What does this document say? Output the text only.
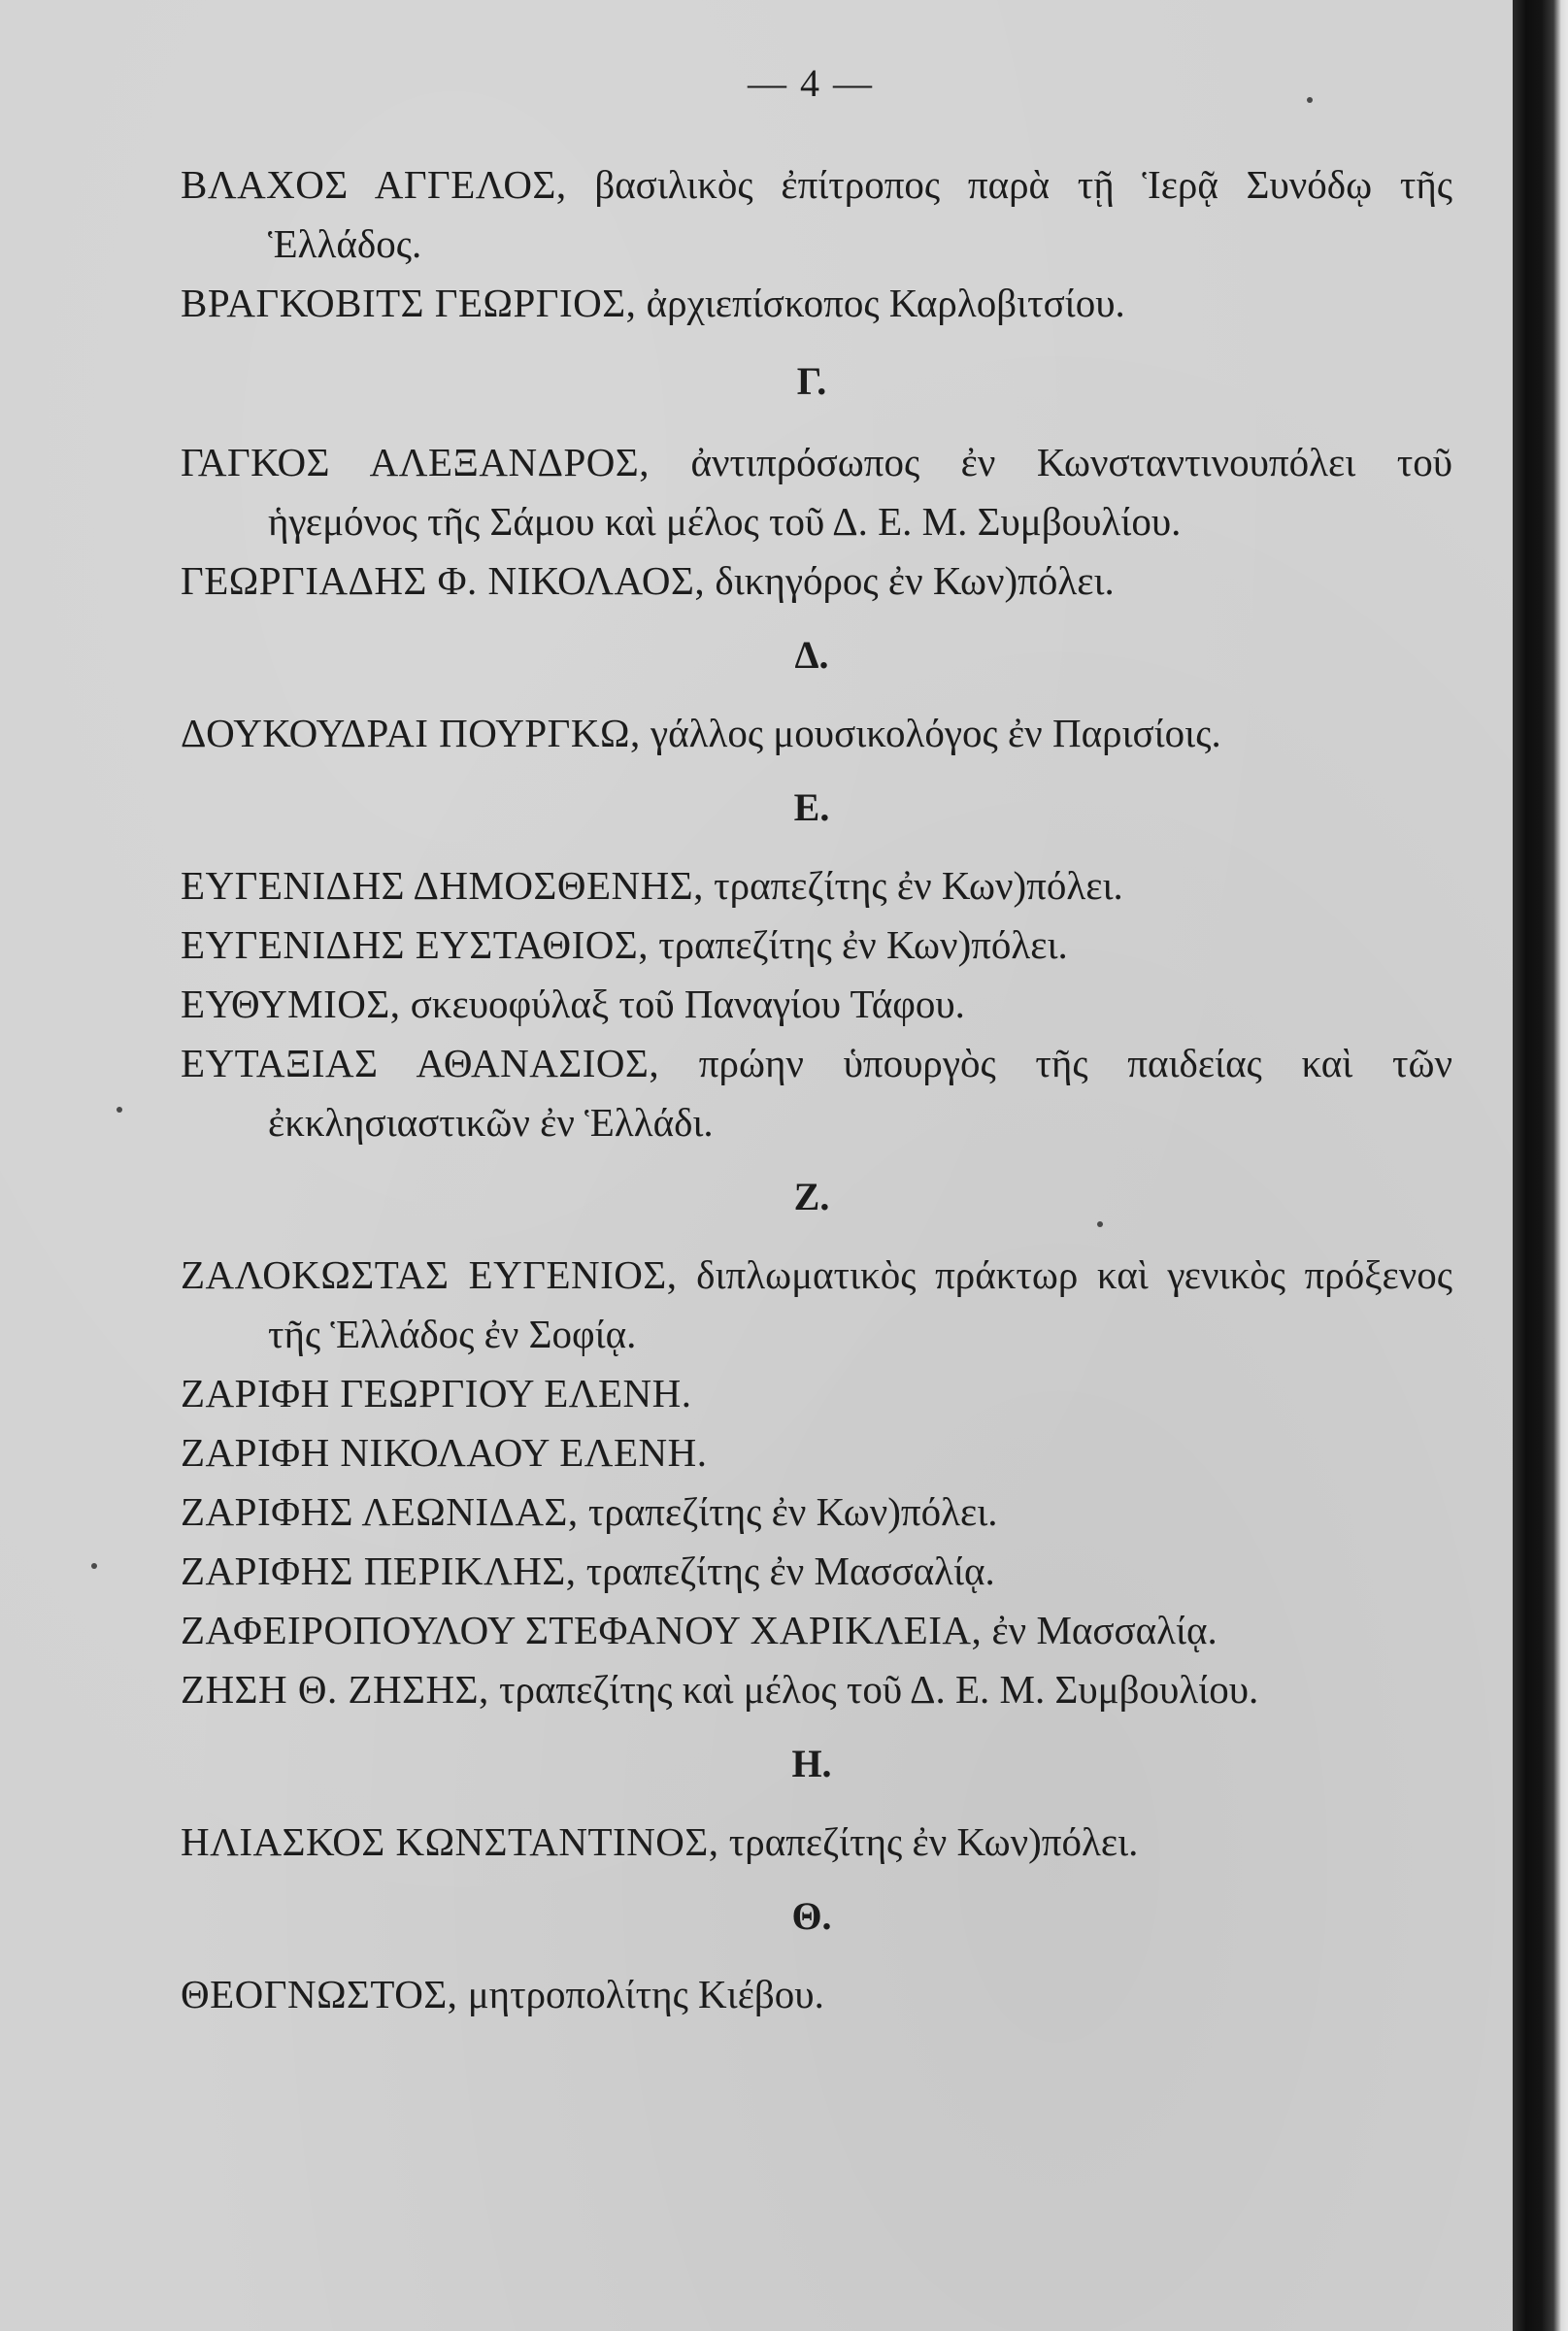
— 4 —
ΒΛΑΧΟΣ ΑΓΓΕΛΟΣ, βασιλικὸς ἐπίτροπος παρὰ τῇ Ἱερᾷ Συνόδῳ τῆς Ἑλλάδος.
ΒΡΑΓΚΟΒΙΤΣ ΓΕΩΡΓΙΟΣ, ἀρχιεπίσκοπος Καρλοβιτσίου.
Γ.
ΓΑΓΚΟΣ ΑΛΕΞΑΝΔΡΟΣ, ἀντιπρόσωπος ἐν Κωνσταντινουπόλει τοῦ ἡγεμόνος τῆς Σάμου καὶ μέλος τοῦ Δ. Ε. Μ. Συμβουλίου.
ΓΕΩΡΓΙΑΔΗΣ Φ. ΝΙΚΟΛΑΟΣ, δικηγόρος ἐν Κων)πόλει.
Δ.
ΔΟΥΚΟΥΔΡΑΙ ΠΟΥΡΓΚΩ, γάλλος μουσικολόγος ἐν Παρισίοις.
Ε.
ΕΥΓΕΝΙΔΗΣ ΔΗΜΟΣΘΕΝΗΣ, τραπεζίτης ἐν Κων)πόλει.
ΕΥΓΕΝΙΔΗΣ ΕΥΣΤΑΘΙΟΣ, τραπεζίτης ἐν Κων)πόλει.
ΕΥΘΥΜΙΟΣ, σκευοφύλαξ τοῦ Παναγίου Τάφου.
ΕΥΤΑΞΙΑΣ ΑΘΑΝΑΣΙΟΣ, πρώην ὑπουργὸς τῆς παιδείας καὶ τῶν ἐκκλησιαστικῶν ἐν Ἑλλάδι.
Ζ.
ΖΑΛΟΚΩΣΤΑΣ ΕΥΓΕΝΙΟΣ, διπλωματικὸς πράκτωρ καὶ γενικὸς πρόξενος τῆς Ἑλλάδος ἐν Σοφίᾳ.
ΖΑΡΙΦΗ ΓΕΩΡΓΙΟΥ ΕΛΕΝΗ.
ΖΑΡΙΦΗ ΝΙΚΟΛΑΟΥ ΕΛΕΝΗ.
ΖΑΡΙΦΗΣ ΛΕΩΝΙΔΑΣ, τραπεζίτης ἐν Κων)πόλει.
ΖΑΡΙΦΗΣ ΠΕΡΙΚΛΗΣ, τραπεζίτης ἐν Μασσαλίᾳ.
ΖΑΦΕΙΡΟΠΟΥΛΟΥ ΣΤΕΦΑΝΟΥ ΧΑΡΙΚΛΕΙΑ, ἐν Μασσαλίᾳ.
ΖΗΣΗ Θ. ΖΗΣΗΣ, τραπεζίτης καὶ μέλος τοῦ Δ. Ε. Μ. Συμβουλίου.
Η.
ΗΛΙΑΣΚΟΣ ΚΩΝΣΤΑΝΤΙΝΟΣ, τραπεζίτης ἐν Κων)πόλει.
Θ.
ΘΕΟΓΝΩΣΤΟΣ, μητροπολίτης Κιέβου.
